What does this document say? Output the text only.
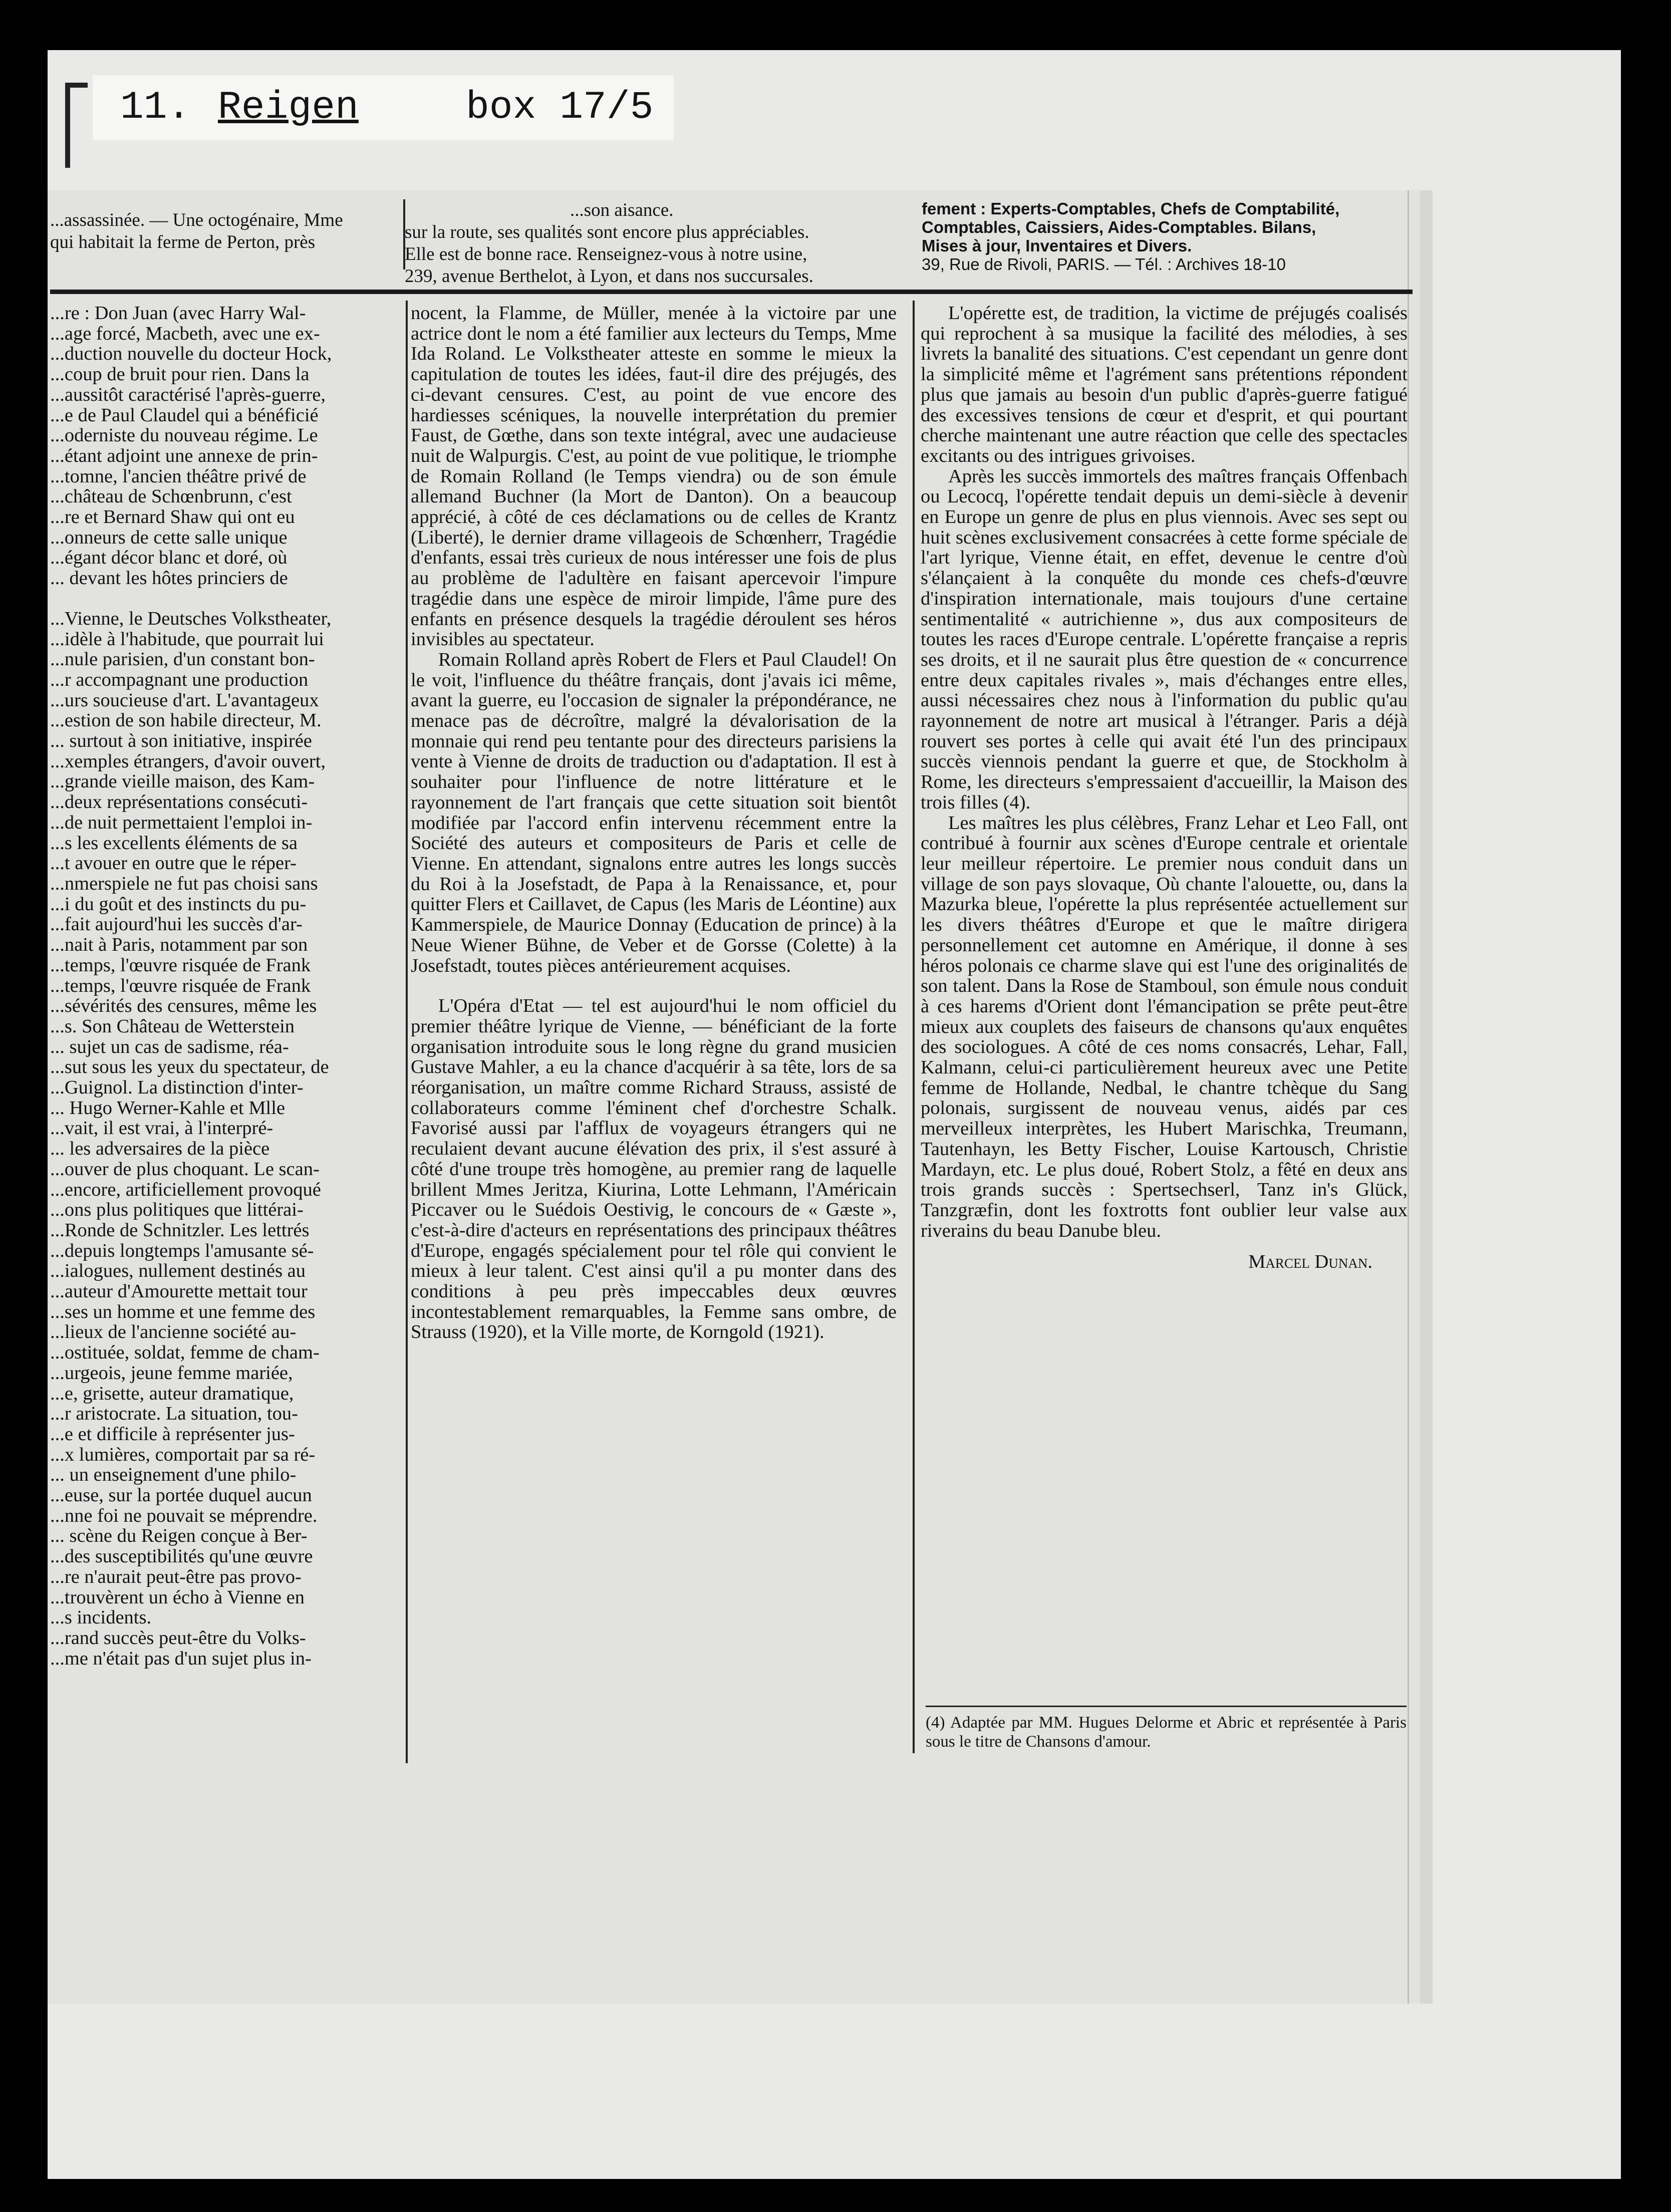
11. Reigen	box 17/5
...assassinée. — Une octogénaire, Mme
qui habitait la ferme de Perton, près
...son aisance.
sur la route, ses qualités sont encore plus appréciables.
Elle est de bonne race. Renseignez-vous à notre usine,
239, avenue Berthelot, à Lyon, et dans nos succursales.
fement : Experts-Comptables, Chefs de Comptabilité,
Comptables, Caissiers, Aides-Comptables. Bilans,
Mises à jour, Inventaires et Divers.
39, Rue de Rivoli, PARIS. — Tél. : Archives 18-10
...re : Don Juan (avec Harry Wal-
...age forcé, Macbeth, avec une ex-
...duction nouvelle du docteur Hock,
...coup de bruit pour rien. Dans la
...aussitôt caractérisé l'après-guerre,
...e de Paul Claudel qui a bénéficié
...oderniste du nouveau régime. Le
...étant adjoint une annexe de prin-
...tomne, l'ancien théâtre privé de
...château de Schœnbrunn, c'est
...re et Bernard Shaw qui ont eu
...onneurs de cette salle unique
...égant décor blanc et doré, où
... devant les hôtes princiers de
...Vienne, le Deutsches Volkstheater,
...idèle à l'habitude, que pourrait lui
...nule parisien, d'un constant bon-
...r accompagnant une production
...urs soucieuse d'art. L'avantageux
...estion de son habile directeur, M.
... surtout à son initiative, inspirée
...xemples étrangers, d'avoir ouvert,
...grande vieille maison, des Kam-
...deux représentations consécuti-
...de nuit permettaient l'emploi in-
...s les excellents éléments de sa
...t avouer en outre que le réper-
...nmerspiele ne fut pas choisi sans
...i du goût et des instincts du pu-
...fait aujourd'hui les succès d'ar-
...nait à Paris, notamment par son
...temps, l'œuvre risquée de Frank
...temps, l'œuvre risquée de Frank
...sévérités des censures, même les
...s. Son Château de Wetterstein
... sujet un cas de sadisme, réa-
...sut sous les yeux du spectateur, de
...Guignol. La distinction d'inter-
... Hugo Werner-Kahle et Mlle
...vait, il est vrai, à l'interpré-
... les adversaires de la pièce
...ouver de plus choquant. Le scan-
...encore, artificiellement provoqué
...ons plus politiques que littérai-
...Ronde de Schnitzler. Les lettrés
...depuis longtemps l'amusante sé-
...ialogues, nullement destinés au
...auteur d'Amourette mettait tour
...ses un homme et une femme des
...lieux de l'ancienne société au-
...ostituée, soldat, femme de cham-
...urgeois, jeune femme mariée,
...e, grisette, auteur dramatique,
...r aristocrate. La situation, tou-
...e et difficile à représenter jus-
...x lumières, comportait par sa ré-
... un enseignement d'une philo-
...euse, sur la portée duquel aucun
...nne foi ne pouvait se méprendre.
... scène du Reigen conçue à Ber-
...des susceptibilités qu'une œuvre
...re n'aurait peut-être pas provo-
...trouvèrent un écho à Vienne en
...s incidents.
...rand succès peut-être du Volks-
...me n'était pas d'un sujet plus in-

nocent, la Flamme, de Müller, menée à la victoire par une actrice dont le nom a été familier aux lecteurs du Temps, Mme Ida Roland. Le Volkstheater atteste en somme le mieux la capitulation de toutes les idées, faut-il dire des préjugés, des ci-devant censures. C'est, au point de vue encore des hardiesses scéniques, la nouvelle interprétation du premier Faust, de Gœthe, dans son texte intégral, avec une audacieuse nuit de Walpurgis. C'est, au point de vue politique, le triomphe de Romain Rolland (le Temps viendra) ou de son émule allemand Buchner (la Mort de Danton). On a beaucoup apprécié, à côté de ces déclamations ou de celles de Krantz (Liberté), le dernier drame villageois de Schœnherr, Tragédie d'enfants, essai très curieux de nous intéresser une fois de plus au problème de l'adultère en faisant apercevoir l'impure tragédie dans une espèce de miroir limpide, l'âme pure des enfants en présence desquels la tragédie déroulent ses héros invisibles au spectateur.

Romain Rolland après Robert de Flers et Paul Claudel! On le voit, l'influence du théâtre français, dont j'avais ici même, avant la guerre, eu l'occasion de signaler la prépondérance, ne menace pas de décroître, malgré la dévalorisation de la monnaie qui rend peu tentante pour des directeurs parisiens la vente à Vienne de droits de traduction ou d'adaptation. Il est à souhaiter pour l'influence de notre littérature et le rayonnement de l'art français que cette situation soit bientôt modifiée par l'accord enfin intervenu récemment entre la Société des auteurs et compositeurs de Paris et celle de Vienne. En attendant, signalons entre autres les longs succès du Roi à la Josefstadt, de Papa à la Renaissance, et, pour quitter Flers et Caillavet, de Capus (les Maris de Léontine) aux Kammerspiele, de Maurice Donnay (Education de prince) à la Neue Wiener Bühne, de Veber et de Gorsse (Colette) à la Josefstadt, toutes pièces antérieurement acquises.

L'Opéra d'Etat — tel est aujourd'hui le nom officiel du premier théâtre lyrique de Vienne, — bénéficiant de la forte organisation introduite sous le long règne du grand musicien Gustave Mahler, a eu la chance d'acquérir à sa tête, lors de sa réorganisation, un maître comme Richard Strauss, assisté de collaborateurs comme l'éminent chef d'orchestre Schalk. Favorisé aussi par l'afflux de voyageurs étrangers qui ne reculaient devant aucune élévation des prix, il s'est assuré à côté d'une troupe très homogène, au premier rang de laquelle brillent Mmes Jeritza, Kiurina, Lotte Lehmann, l'Américain Piccaver ou le Suédois Oestivig, le concours de « Gæste », c'est-à-dire d'acteurs en représentations des principaux théâtres d'Europe, engagés spécialement pour tel rôle qui convient le mieux à leur talent. C'est ainsi qu'il a pu monter dans des conditions à peu près impeccables deux œuvres incontestablement remarquables, la Femme sans ombre, de Strauss (1920), et la Ville morte, de Korngold (1921).

L'opérette est, de tradition, la victime de préjugés coalisés qui reprochent à sa musique la facilité des mélodies, à ses livrets la banalité des situations. C'est cependant un genre dont la simplicité même et l'agrément sans prétentions répondent plus que jamais au besoin d'un public d'après-guerre fatigué des excessives tensions de cœur et d'esprit, et qui pourtant cherche maintenant une autre réaction que celle des spectacles excitants ou des intrigues grivoises.

Après les succès immortels des maîtres français Offenbach ou Lecocq, l'opérette tendait depuis un demi-siècle à devenir en Europe un genre de plus en plus viennois. Avec ses sept ou huit scènes exclusivement consacrées à cette forme spéciale de l'art lyrique, Vienne était, en effet, devenue le centre d'où s'élançaient à la conquête du monde ces chefs-d'œuvre d'inspiration internationale, mais toujours d'une certaine sentimentalité « autrichienne », dus aux compositeurs de toutes les races d'Europe centrale. L'opérette française a repris ses droits, et il ne saurait plus être question de « concurrence entre deux capitales rivales », mais d'échanges entre elles, aussi nécessaires chez nous à l'information du public qu'au rayonnement de notre art musical à l'étranger. Paris a déjà rouvert ses portes à celle qui avait été l'un des principaux succès viennois pendant la guerre et que, de Stockholm à Rome, les directeurs s'empressaient d'accueillir, la Maison des trois filles (4).

Les maîtres les plus célèbres, Franz Lehar et Leo Fall, ont contribué à fournir aux scènes d'Europe centrale et orientale leur meilleur répertoire. Le premier nous conduit dans un village de son pays slovaque, Où chante l'alouette, ou, dans la Mazurka bleue, l'opérette la plus représentée actuellement sur les divers théâtres d'Europe et que le maître dirigera personnellement cet automne en Amérique, il donne à ses héros polonais ce charme slave qui est l'une des originalités de son talent. Dans la Rose de Stamboul, son émule nous conduit à ces harems d'Orient dont l'émancipation se prête peut-être mieux aux couplets des faiseurs de chansons qu'aux enquêtes des sociologues. A côté de ces noms consacrés, Lehar, Fall, Kalmann, celui-ci particulièrement heureux avec une Petite femme de Hollande, Nedbal, le chantre tchèque du Sang polonais, surgissent de nouveau venus, aidés par ces merveilleux interprètes, les Hubert Marischka, Treumann, Tautenhayn, les Betty Fischer, Louise Kartousch, Christie Mardayn, etc. Le plus doué, Robert Stolz, a fêté en deux ans trois grands succès : Spertsechserl, Tanz in's Glück, Tanzgræfin, dont les foxtrotts font oublier leur valse aux riverains du beau Danube bleu.

Marcel Dunan.
(4) Adaptée par MM. Hugues Delorme et Abric et représentée à Paris sous le titre de Chansons d'amour.
